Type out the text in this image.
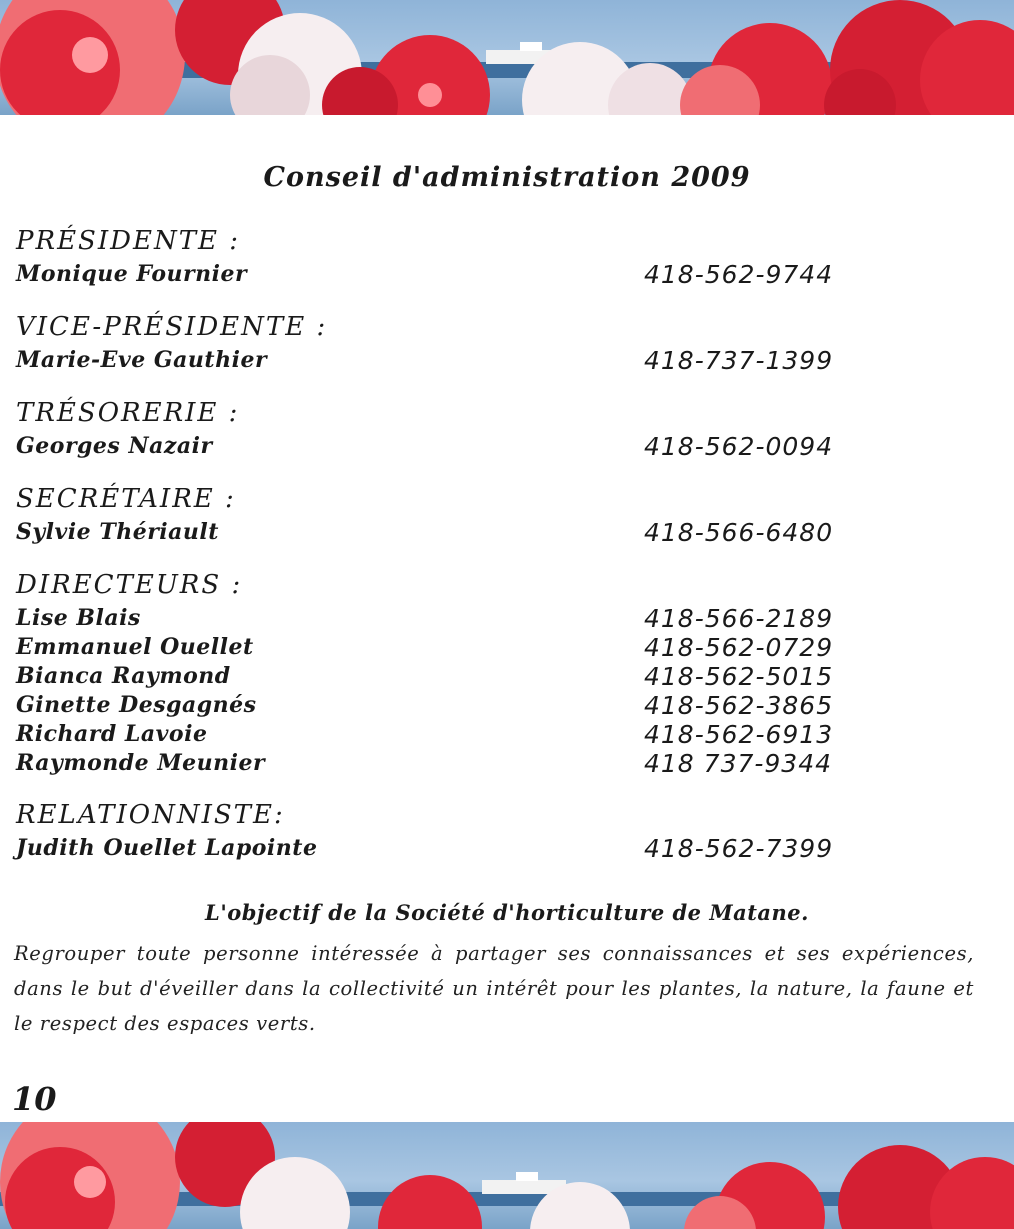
Conseil d'administration 2009
PRÉSIDENTE :
Monique Fournier	418-562-9744
VICE-PRÉSIDENTE :
Marie-Eve Gauthier	418-737-1399
TRÉSORERIE :
Georges Nazair	418-562-0094
SECRÉTAIRE :
Sylvie Thériault	418-566-6480
DIRECTEURS :
Lise Blais	418-566-2189
Emmanuel Ouellet	418-562-0729
Bianca Raymond	418-562-5015
Ginette Desgagnés	418-562-3865
Richard Lavoie	418-562-6913
Raymonde Meunier	418 737-9344
RELATIONNISTE:
Judith Ouellet Lapointe	418-562-7399
L'objectif de la Société d'horticulture de Matane.
Regrouper toute personne intéressée à partager ses connaissances et ses expériences, dans le but d'éveiller dans la collectivité un intérêt pour les plantes, la nature, la faune et le respect des espaces verts.
10
